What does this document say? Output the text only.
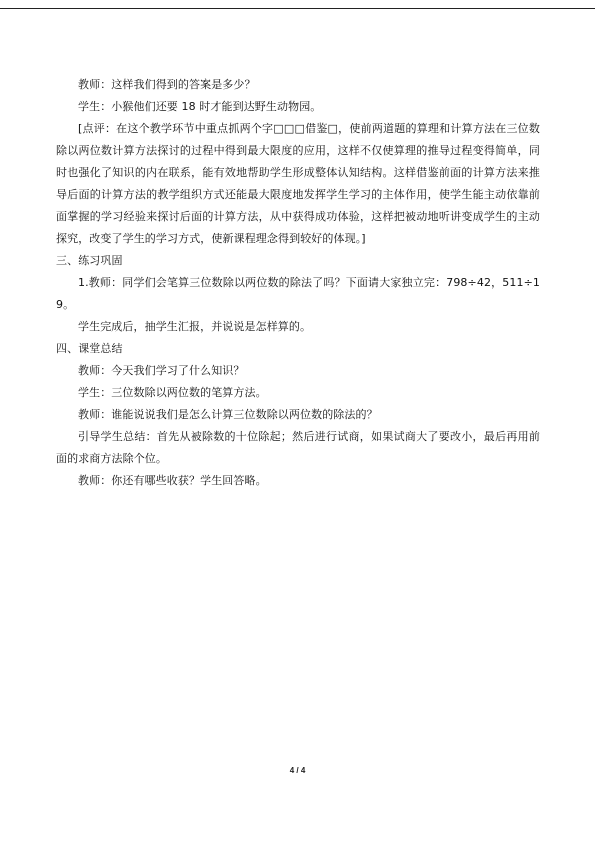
教师：这样我们得到的答案是多少？

学生：小猴他们还要 18 时才能到达野生动物园。

[点评：在这个教学环节中重点抓两个字□□□借鉴□，使前两道题的算理和计算方法在三位数除以两位数计算方法探讨的过程中得到最大限度的应用，这样不仅使算理的推导过程变得简单，同时也强化了知识的内在联系，能有效地帮助学生形成整体认知结构。这样借鉴前面的计算方法来推导后面的计算方法的教学组织方式还能最大限度地发挥学生学习的主体作用，使学生能主动依靠前面掌握的学习经验来探讨后面的计算方法，从中获得成功体验，这样把被动地听讲变成学生的主动探究，改变了学生的学习方式，使新课程理念得到较好的体现。]

三、练习巩固

1.教师：同学们会笔算三位数除以两位数的除法了吗？下面请大家独立完：798÷42，511÷19。

学生完成后，抽学生汇报，并说说是怎样算的。

四、课堂总结

教师：今天我们学习了什么知识？

学生：三位数除以两位数的笔算方法。

教师：谁能说说我们是怎么计算三位数除以两位数的除法的？

引导学生总结：首先从被除数的十位除起；然后进行试商，如果试商大了要改小，最后再用前面的求商方法除个位。

教师：你还有哪些收获？学生回答略。

4 / 4
